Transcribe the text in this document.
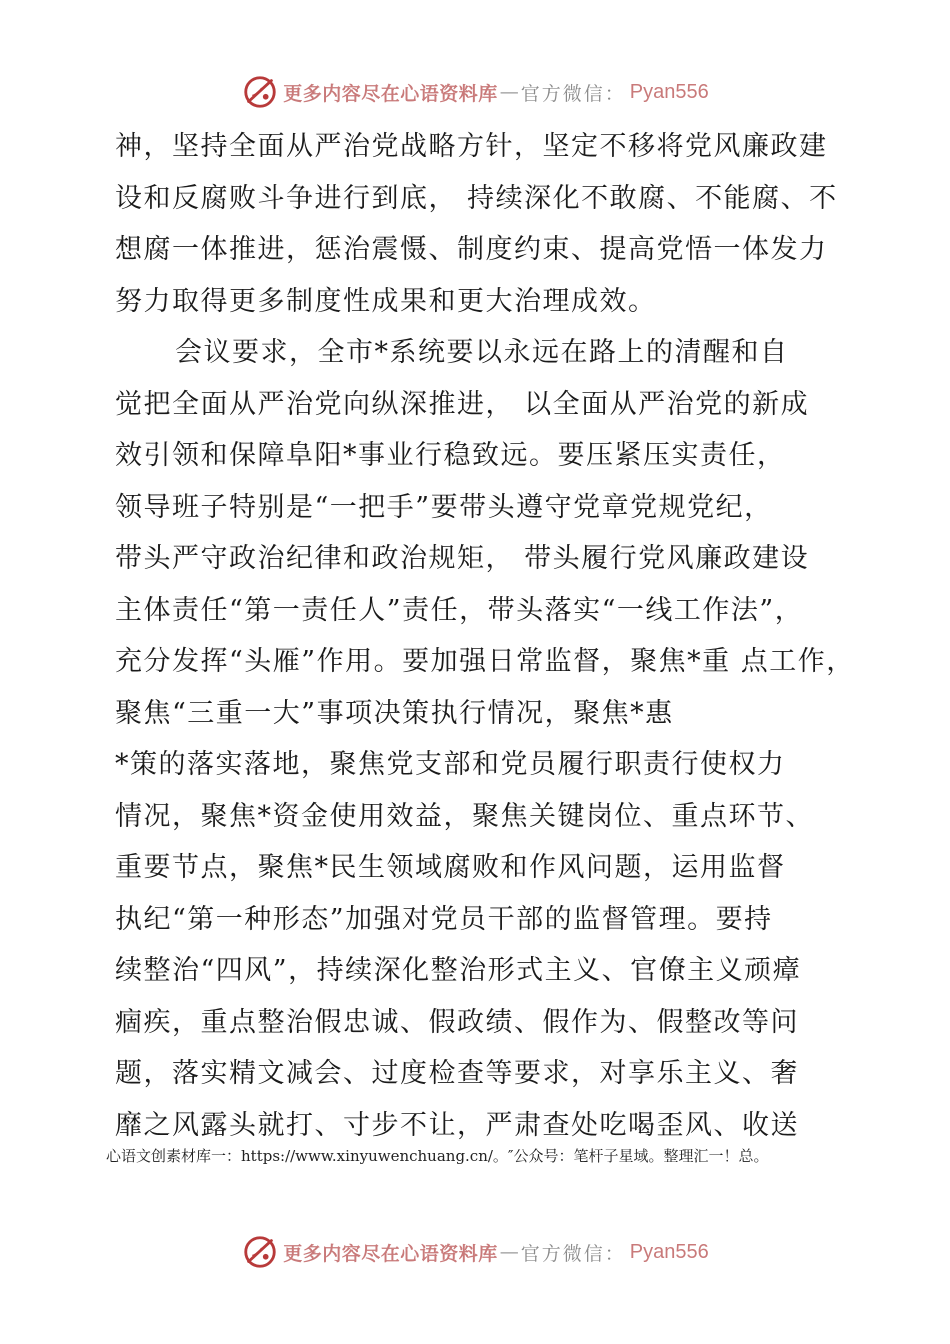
更多内容尽在心语资料库 — 官方微信： Pyan556
神，坚持全面从严治党战略方针，坚定不移将党风廉政建
设和反腐败斗争进行到底， 持续深化不敢腐、不能腐、不
想腐一体推进，惩治震慑、制度约束、提高党悟一体发力
努力取得更多制度性成果和更大治理成效。
会议要求，全市*系统要以永远在路上的清醒和自
觉把全面从严治党向纵深推进， 以全面从严治党的新成
效引领和保障阜阳*事业行稳致远。要压紧压实责任，
领导班子特别是“一把手”要带头遵守党章党规党纪，
带头严守政治纪律和政治规矩， 带头履行党风廉政建设
主体责任“第一责任人”责任，带头落实“一线工作法”，
充分发挥“头雁”作用。要加强日常监督，聚焦*重 点工作，
聚焦“三重一大”事项决策执行情况，聚焦*惠
*策的落实落地，聚焦党支部和党员履行职责行使权力
情况，聚焦*资金使用效益，聚焦关键岗位、重点环节、
重要节点，聚焦*民生领域腐败和作风问题，运用监督
执纪“第一种形态”加强对党员干部的监督管理。要持
续整治“四风”，持续深化整治形式主义、官僚主义顽瘴
痼疾，重点整治假忠诚、假政绩、假作为、假整改等问
题，落实精文减会、过度检查等要求，对享乐主义、奢
靡之风露头就打、寸步不让，严肃查处吃喝歪风、收送
心语文创素材库一：https://www.xinyuwenchuang.cn/。″公众号：笔杆子星域。整理汇一！总。
更多内容尽在心语资料库 — 官方微信： Pyan556
